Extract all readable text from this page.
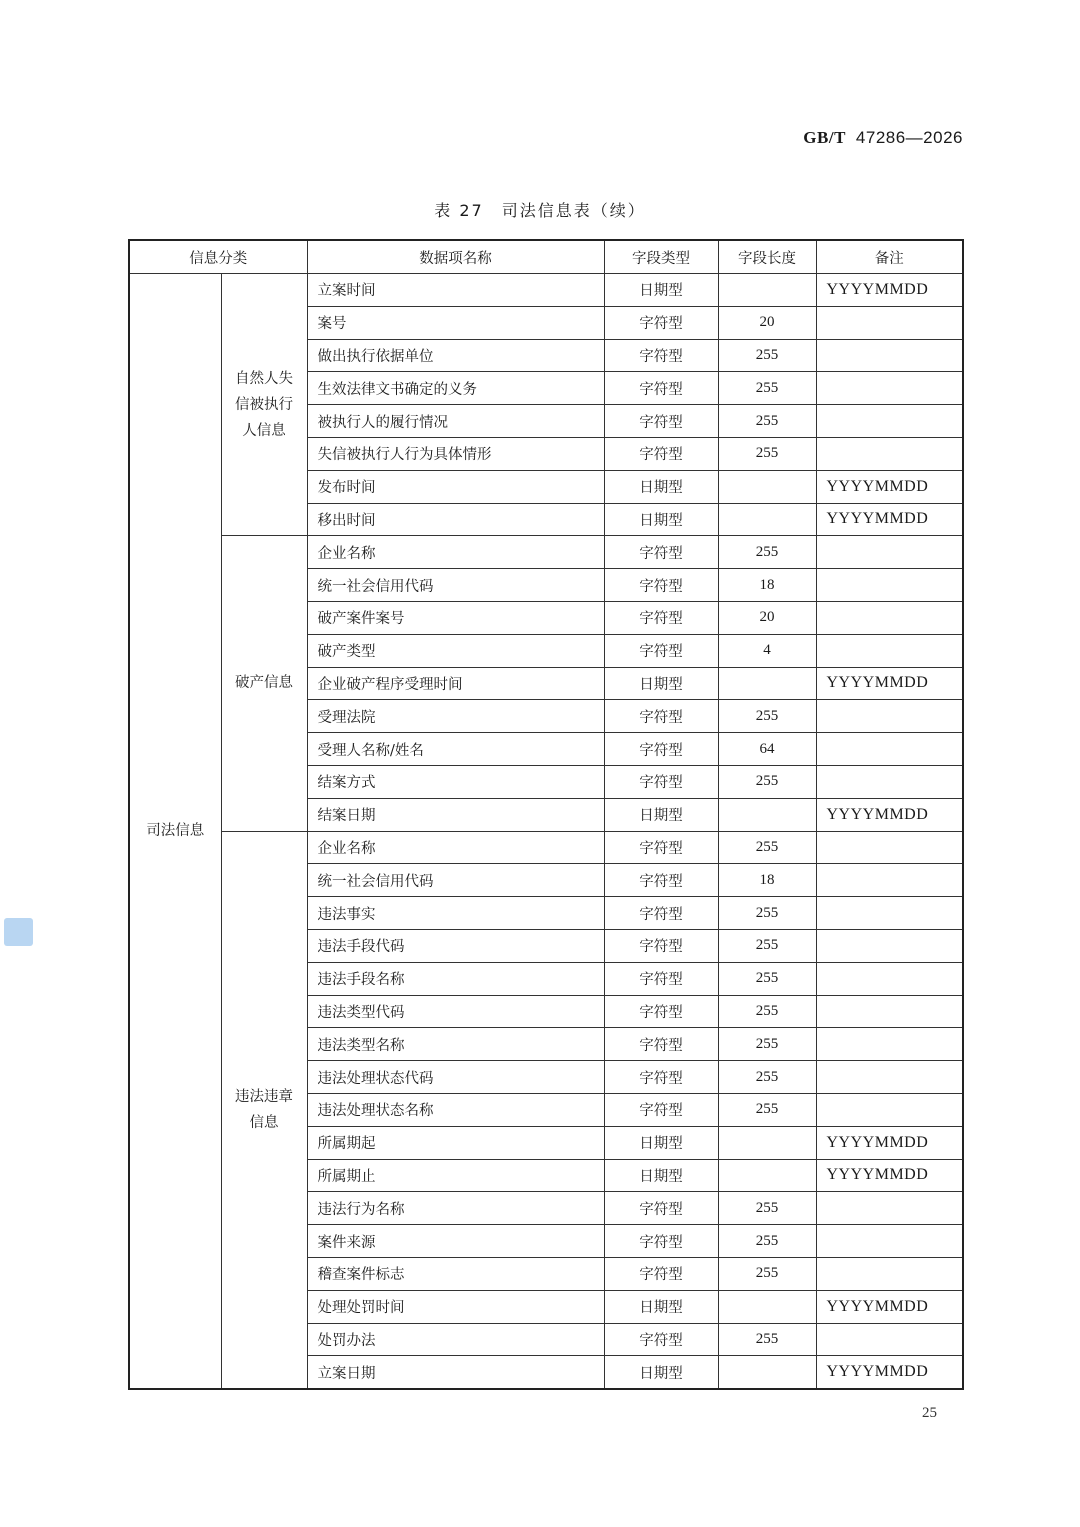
GB/T 47286—2026
表 27　司法信息表（续）
信息分类		数据项名称	字段类型	字段长度	备注
司法信息	自然人失信被执行人信息	立案时间	日期型		YYYYMMDD
		案号	字符型	20	
		做出执行依据单位	字符型	255	
		生效法律文书确定的义务	字符型	255	
		被执行人的履行情况	字符型	255	
		失信被执行人行为具体情形	字符型	255	
		发布时间	日期型		YYYYMMDD
		移出时间	日期型		YYYYMMDD
	破产信息	企业名称	字符型	255	
		统一社会信用代码	字符型	18	
		破产案件案号	字符型	20	
		破产类型	字符型	4	
		企业破产程序受理时间	日期型		YYYYMMDD
		受理法院	字符型	255	
		受理人名称/姓名	字符型	64	
		结案方式	字符型	255	
		结案日期	日期型		YYYYMMDD
	违法违章信息	企业名称	字符型	255	
		统一社会信用代码	字符型	18	
		违法事实	字符型	255	
		违法手段代码	字符型	255	
		违法手段名称	字符型	255	
		违法类型代码	字符型	255	
		违法类型名称	字符型	255	
		违法处理状态代码	字符型	255	
		违法处理状态名称	字符型	255	
		所属期起	日期型		YYYYMMDD
		所属期止	日期型		YYYYMMDD
		违法行为名称	字符型	255	
		案件来源	字符型	255	
		稽查案件标志	字符型	255	
		处理处罚时间	日期型		YYYYMMDD
		处罚办法	字符型	255	
		立案日期	日期型		YYYYMMDD
25
